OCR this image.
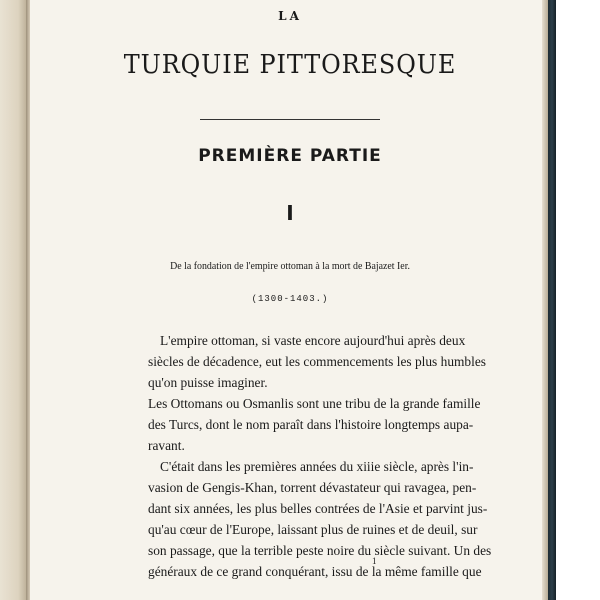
LA
TURQUIE PITTORESQUE
PREMIÈRE PARTIE
I
De la fondation de l'empire ottoman à la mort de Bajazet Ier.
(1300-1403.)
L'empire ottoman, si vaste encore aujourd'hui après deux
siècles de décadence, eut les commencements les plus humbles
qu'on puisse imaginer.
Les Ottomans ou Osmanlis sont une tribu de la grande famille
des Turcs, dont le nom paraît dans l'histoire longtemps aupa-
ravant.
C'était dans les premières années du xiiie siècle, après l'in-
vasion de Gengis-Khan, torrent dévastateur qui ravagea, pen-
dant six années, les plus belles contrées de l'Asie et parvint jus-
qu'au cœur de l'Europe, laissant plus de ruines et de deuil, sur
son passage, que la terrible peste noire du siècle suivant. Un des
généraux de ce grand conquérant, issu de la même famille que
1
